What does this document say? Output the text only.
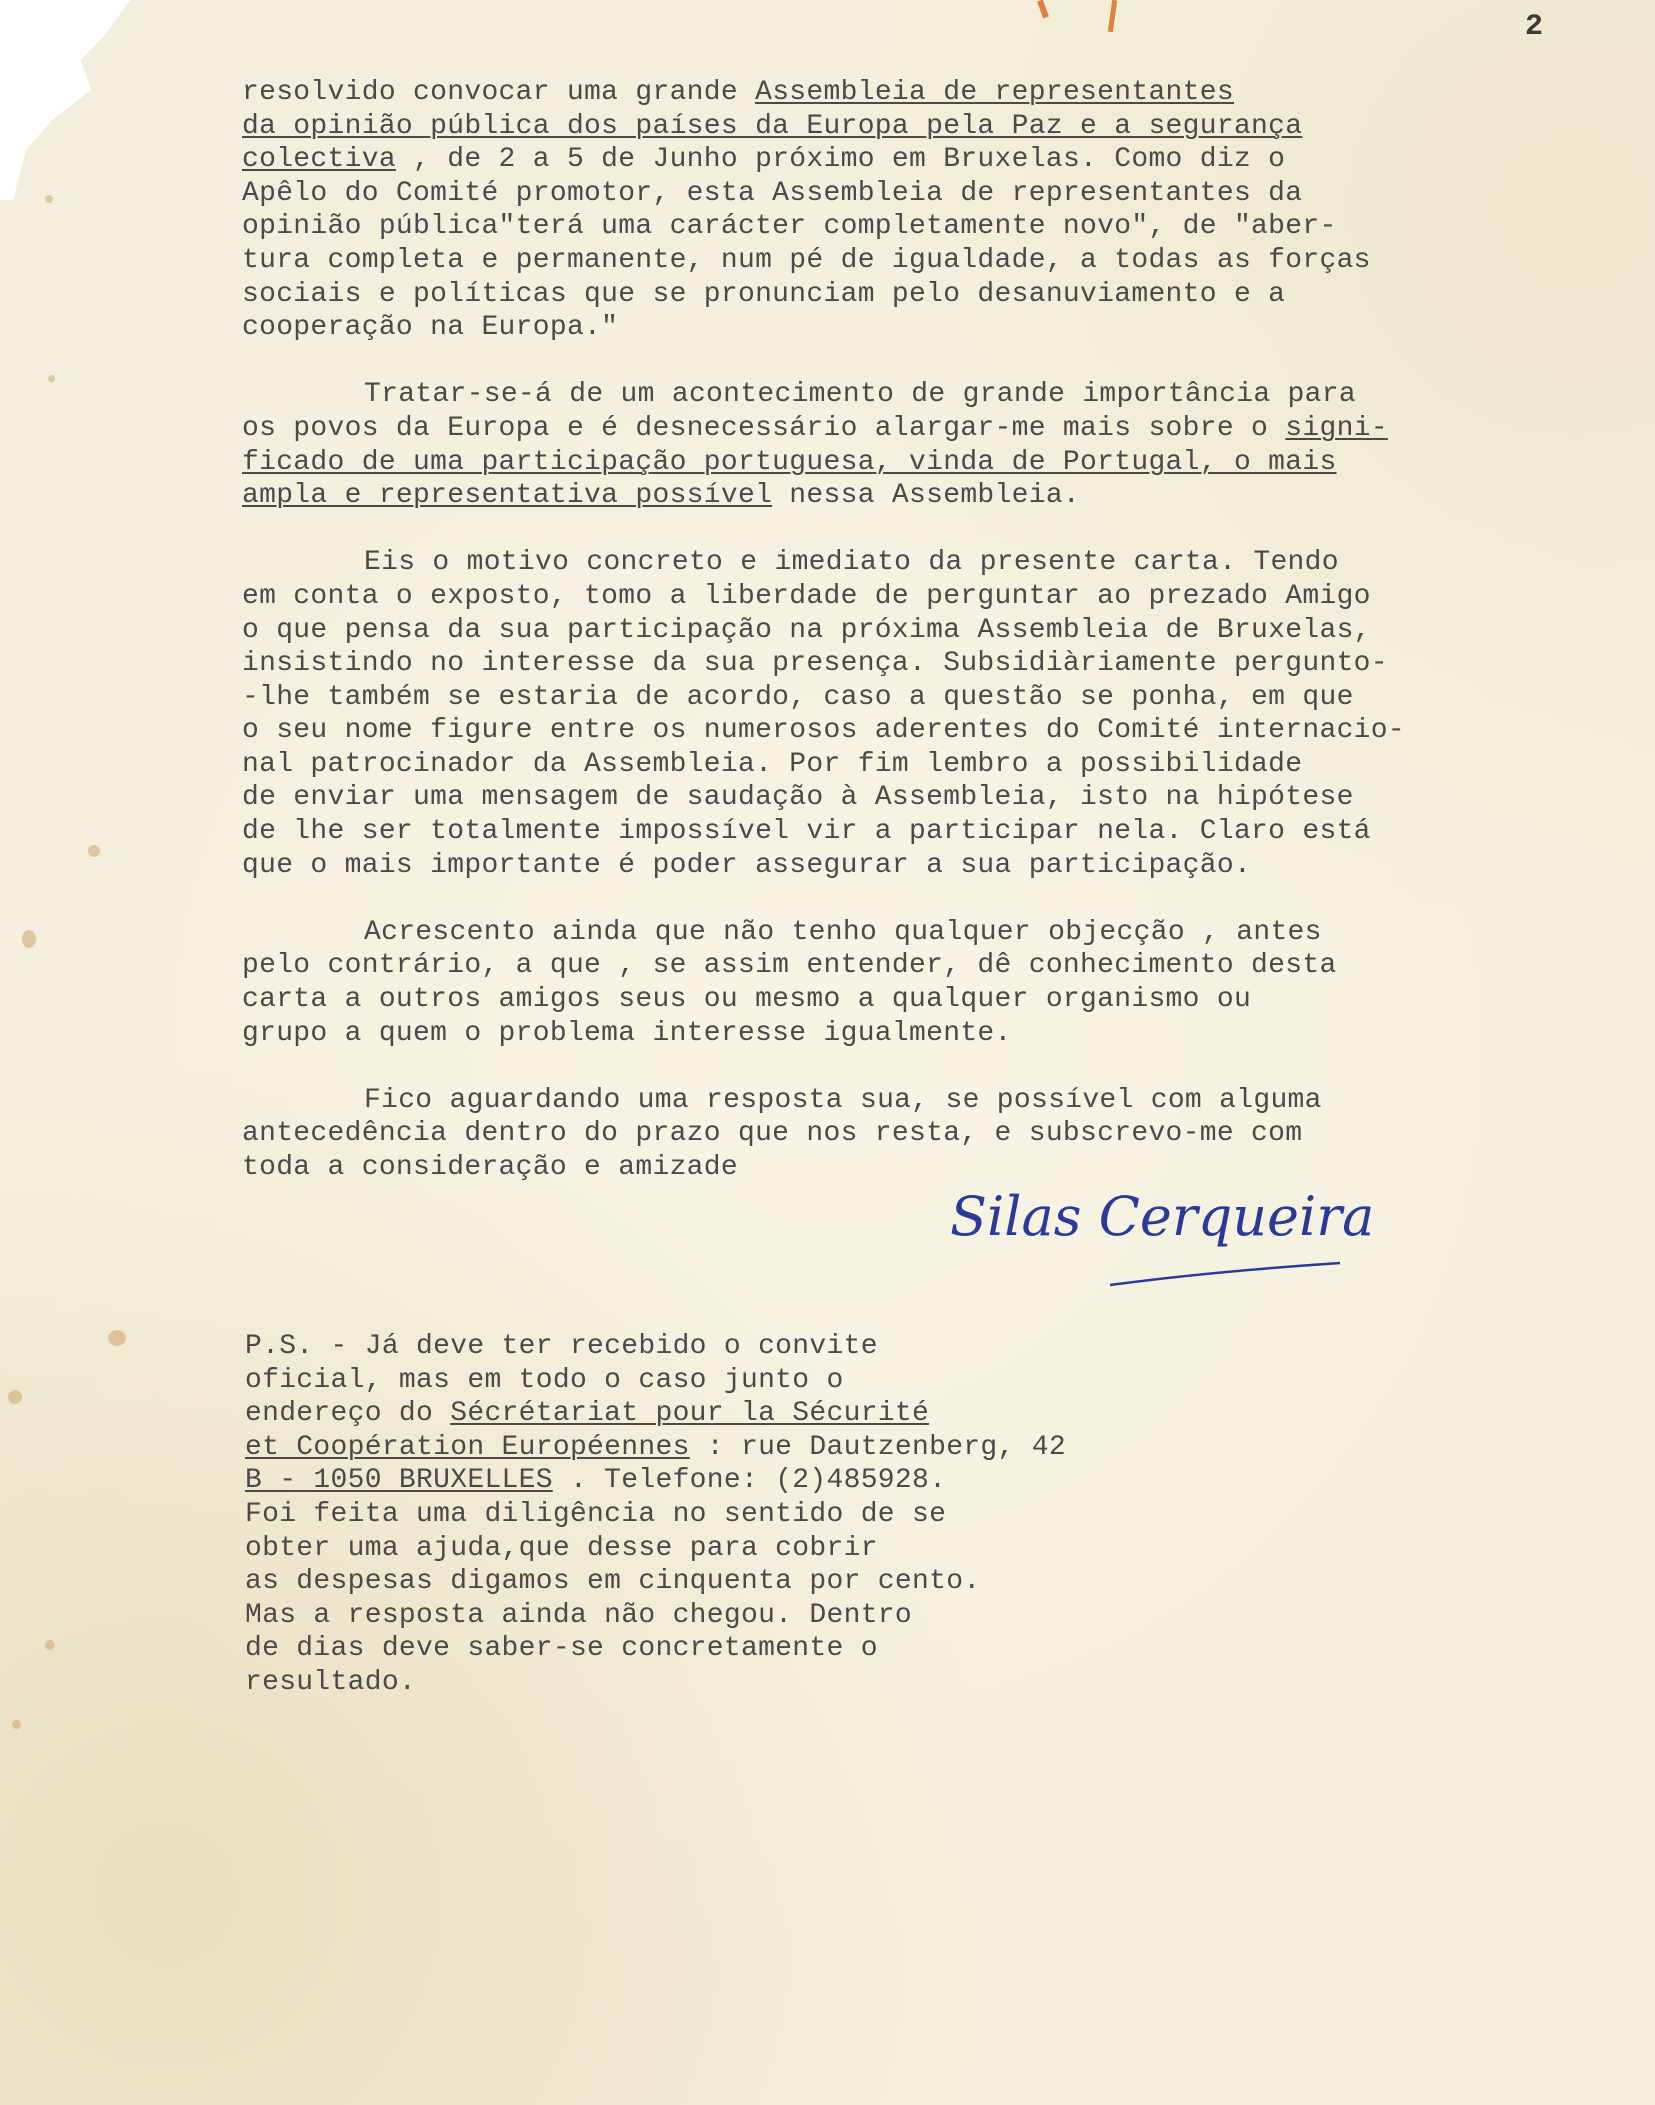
2
resolvido convocar uma grande Assembleia de representantes
da opinião pública dos países da Europa pela Paz e a segurança
colectiva , de 2 a 5 de Junho próximo em Bruxelas. Como diz o
Apêlo do Comité promotor, esta Assembleia de representantes da
opinião pública"terá uma carácter completamente novo", de "aber-
tura completa e permanente, num pé de igualdade, a todas as forças
sociais e políticas que se pronunciam pelo desanuviamento e a
cooperação na Europa."
Tratar-se-á de um acontecimento de grande importância para
os povos da Europa e é desnecessário alargar-me mais sobre o signi-
ficado de uma participação portuguesa, vinda de Portugal, o mais
ampla e representativa possível nessa Assembleia.
Eis o motivo concreto e imediato da presente carta. Tendo
em conta o exposto, tomo a liberdade de perguntar ao prezado Amigo
o que pensa da sua participação na próxima Assembleia de Bruxelas,
insistindo no interesse da sua presença. Subsidiàriamente pergunto-
-lhe também se estaria de acordo, caso a questão se ponha, em que
o seu nome figure entre os numerosos aderentes do Comité internacio-
nal patrocinador da Assembleia. Por fim lembro a possibilidade
de enviar uma mensagem de saudação à Assembleia, isto na hipótese
de lhe ser totalmente impossível vir a participar nela. Claro está
que o mais importante é poder assegurar a sua participação.
Acrescento ainda que não tenho qualquer objecção , antes
pelo contrário, a que , se assim entender, dê conhecimento desta
carta a outros amigos seus ou mesmo a qualquer organismo ou
grupo a quem o problema interesse igualmente.
Fico aguardando uma resposta sua, se possível com alguma
antecedência dentro do prazo que nos resta, e subscrevo-me com
toda a consideração e amizade
Silas Cerqueira
P.S. - Já deve ter recebido o convite
oficial, mas em todo o caso junto o
endereço do Sécrétariat pour la Sécurité
et Coopération Européennes : rue Dautzenberg, 42
B - 1050 BRUXELLES . Telefone: (2)485928.
Foi feita uma diligência no sentido de se
obter uma ajuda,que desse para cobrir
as despesas digamos em cinquenta por cento.
Mas a resposta ainda não chegou. Dentro
de dias deve saber-se concretamente o
resultado.
